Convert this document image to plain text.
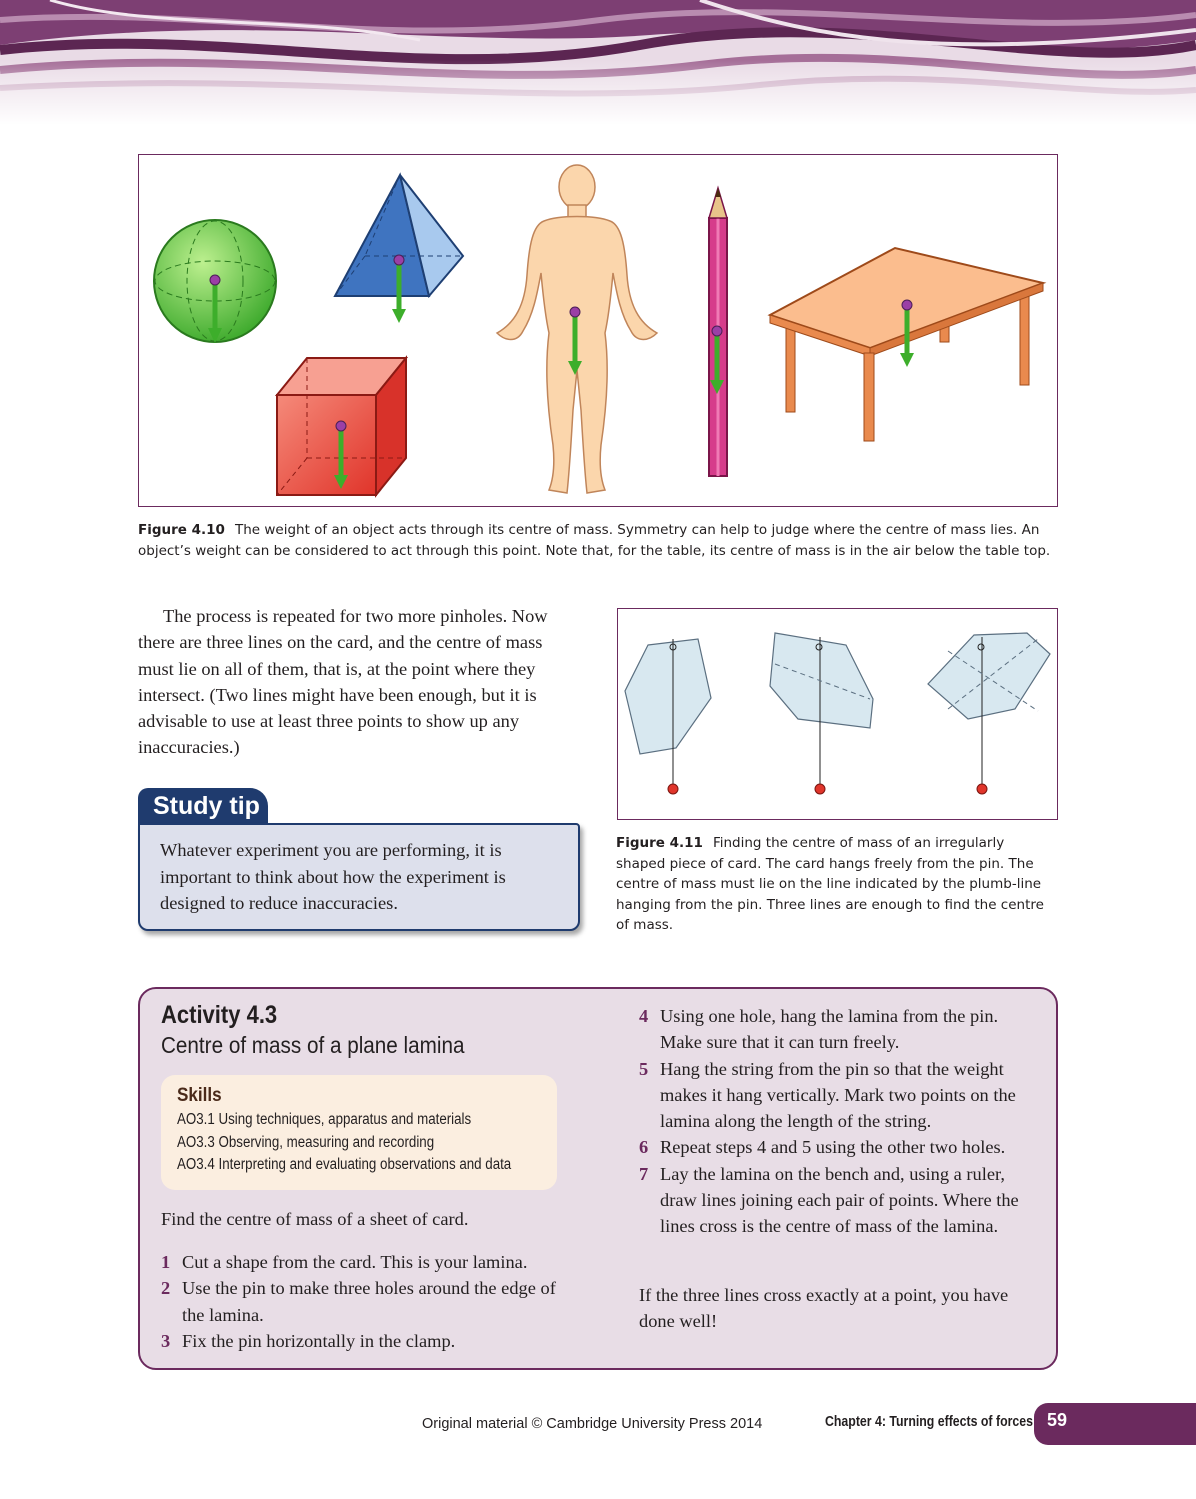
Figure 4.10 The weight of an object acts through its centre of mass. Symmetry can help to judge where the centre of mass lies. An object’s weight can be considered to act through this point. Note that, for the table, its centre of mass is in the air below the table top.

The process is repeated for two more pinholes. Now there are three lines on the card, and the centre of mass must lie on all of them, that is, at the point where they intersect. (Two lines might have been enough, but it is advisable to use at least three points to show up any inaccuracies.)

Study tip
Whatever experiment you are performing, it is important to think about how the experiment is designed to reduce inaccuracies.
Figure 4.11 Finding the centre of mass of an irregularly shaped piece of card. The card hangs freely from the pin. The centre of mass must lie on the line indicated by the plumb-line hanging from the pin. Three lines are enough to find the centre of mass.
Activity 4.3
Centre of mass of a plane lamina
Skills
AO3.1 Using techniques, apparatus and materials
AO3.3 Observing, measuring and recording
AO3.4 Interpreting and evaluating observations and data
Find the centre of mass of a sheet of card.
1 Cut a shape from the card. This is your lamina.
2 Use the pin to make three holes around the edge of the lamina.
3 Fix the pin horizontally in the clamp.
4 Using one hole, hang the lamina from the pin. Make sure that it can turn freely.
5 Hang the string from the pin so that the weight makes it hang vertically. Mark two points on the lamina along the length of the string.
6 Repeat steps 4 and 5 using the other two holes.
7 Lay the lamina on the bench and, using a ruler, draw lines joining each pair of points. Where the lines cross is the centre of mass of the lamina.
If the three lines cross exactly at a point, you have done well!
Original material © Cambridge University Press 2014	Chapter 4: Turning effects of forces 59
